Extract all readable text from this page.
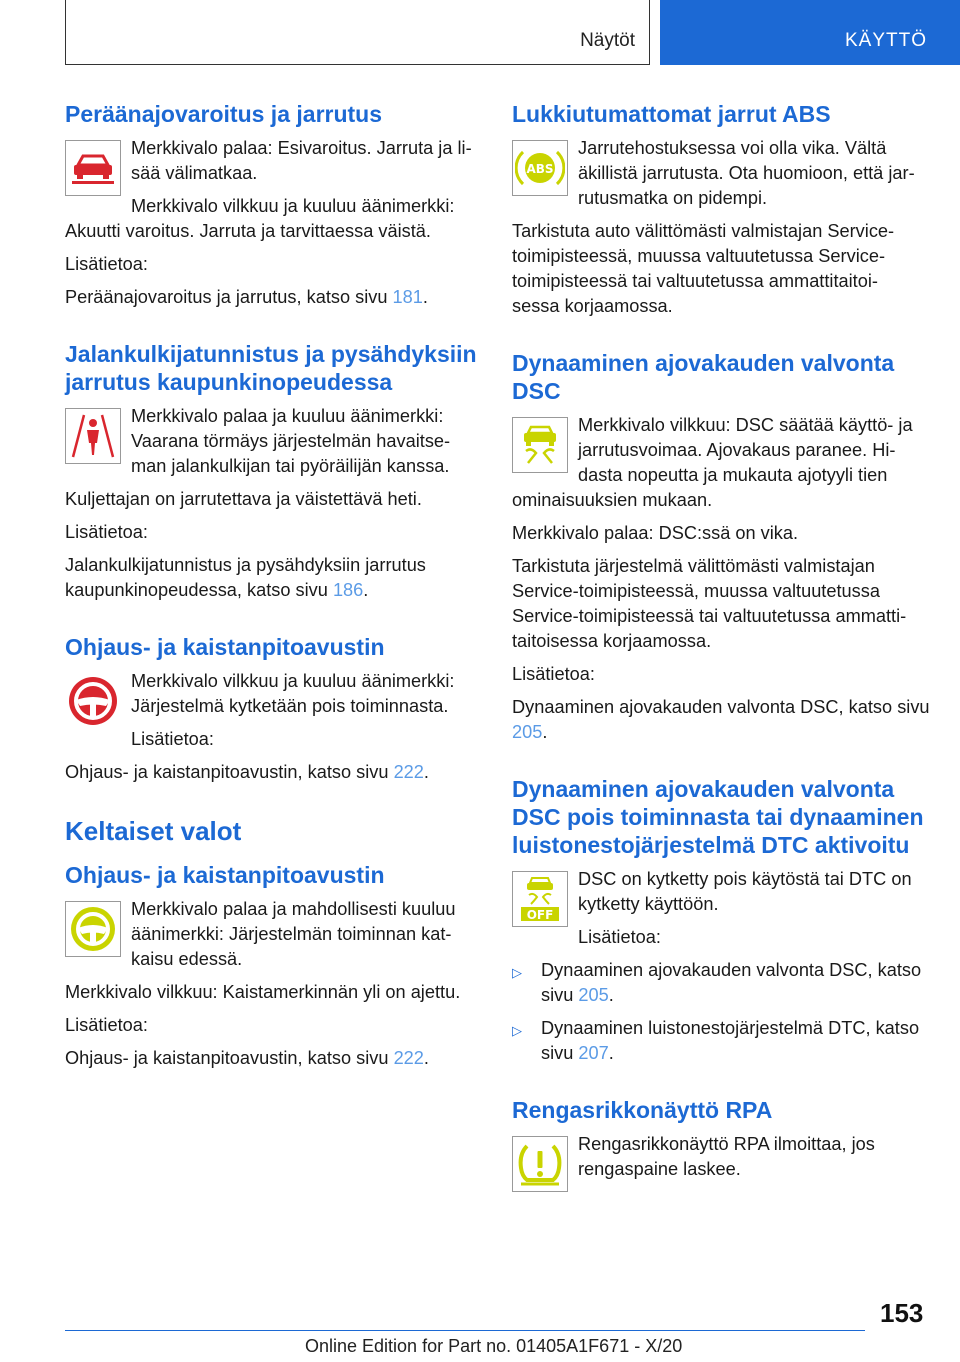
Näytöt	KÄYTTÖ
Peräänajovaroitus ja jarrutus

Merkkivalo palaa: Esivaroitus. Jarruta ja li- sää välimatkaa.

Merkkivalo vilkkuu ja kuuluu äänimerkki:

Akuutti varoitus. Jarruta ja tarvittaessa väistä.

Lisätietoa:

Peräänajovaroitus ja jarrutus, katso sivu 181.

Jalankulkijatunnistus ja pysähdyksiin jarrutus kaupunkinopeudessa

Merkkivalo palaa ja kuuluu äänimerkki: Vaarana törmäys järjestelmän havaitse- man jalankulkijan tai pyöräilijän kanssa.

Kuljettajan on jarrutettava ja väistettävä heti.

Lisätietoa:

Jalankulkijatunnistus ja pysähdyksiin jarrutus kaupunkinopeudessa, katso sivu 186.

Ohjaus- ja kaistanpitoavustin

Merkkivalo vilkkuu ja kuuluu äänimerkki: Järjestelmä kytketään pois toiminnasta.

Lisätietoa:

Ohjaus- ja kaistanpitoavustin, katso sivu 222.

Keltaiset valot
Ohjaus- ja kaistanpitoavustin

Merkkivalo palaa ja mahdollisesti kuuluu äänimerkki: Järjestelmän toiminnan kat- kaisu edessä.

Merkkivalo vilkkuu: Kaistamerkinnän yli on ajettu.

Lisätietoa:

Ohjaus- ja kaistanpitoavustin, katso sivu 222.

Lukkiutumattomat jarrut ABS
ABS

Jarrutehostuksessa voi olla vika. Vältä äkillistä jarrutusta. Ota huomioon, että jar- rutusmatka on pidempi.

Tarkistuta auto välittömästi valmistajan Service- toimipisteessä, muussa valtuutetussa Service- toimipisteessä tai valtuutetussa ammattitaitoi- sessa korjaamossa.

Dynaaminen ajovakauden valvonta DSC

Merkkivalo vilkkuu: DSC säätää käyttö- ja jarrutusvoimaa. Ajovakaus paranee. Hi- dasta nopeutta ja mukauta ajotyyli tien

ominaisuuksien mukaan.

Merkkivalo palaa: DSC:ssä on vika.

Tarkistuta järjestelmä välittömästi valmistajan Service-toimipisteessä, muussa valtuutetussa Service-toimipisteessä tai valtuutetussa ammatti- taitoisessa korjaamossa.

Lisätietoa:

Dynaaminen ajovakauden valvonta DSC, katso sivu 205.

Dynaaminen ajovakauden valvonta DSC pois toiminnasta tai dynaaminen luistonestojärjestelmä DTC aktivoitu
OFF

DSC on kytketty pois käytöstä tai DTC on kytketty käyttöön.

Lisätietoa:

▷	Dynaaminen ajovakauden valvonta DSC, katso sivu 205.
▷	Dynaaminen luistonestojärjestelmä DTC, katso sivu 207.
Rengasrikkonäyttö RPA

Rengasrikkonäyttö RPA ilmoittaa, jos rengaspaine laskee.

153
Online Edition for Part no. 01405A1F671 - X/20
